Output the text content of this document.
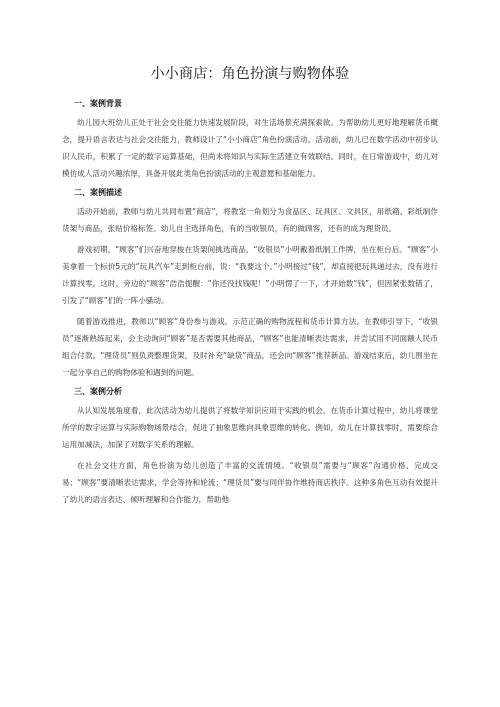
小小商店：角色扮演与购物体验
一、案例背景

幼儿园大班幼儿正处于社会交往能力快速发展阶段，对生活场景充满探索欲。为帮助幼儿更好地理解货币概念，提升语言表达与社会交往能力，教师设计了“小小商店”角色扮演活动。活动前，幼儿已在数学活动中初步认识人民币，积累了一定的数字运算基础，但尚未将知识与实际生活建立有效联结。同时，在日常游戏中，幼儿对模仿成人活动兴趣浓厚，具备开展此类角色扮演活动的主观意愿和基础能力。

二、案例描述

活动开始前，教师与幼儿共同布置“商店”，将教室一角划分为食品区、玩具区、文具区，用纸箱、彩纸制作货架与商品，张贴价格标签。幼儿自主选择角色，有的当收银员，有的做顾客，还有的成为理货员。

游戏初期，“顾客”们兴奋地穿梭在货架间挑选商品，“收银员”小明戴着纸制工作牌，坐在柜台后。“顾客”小美拿着一个标价5元的“玩具汽车”走到柜台前，说：“我要这个。”小明接过“钱”，却直接把玩具递过去，没有进行计算找零。这时，旁边的“顾客”浩浩提醒：“你还没找钱呢！”小明愣了一下，才开始数“钱”，但因紧张数错了，引发了“顾客”们的一阵小骚动。

随着游戏推进，教师以“顾客”身份参与游戏，示范正确的购物流程和货币计算方法。在教师引导下，“收银员”逐渐熟练起来，会主动询问“顾客”是否需要其他商品，“顾客”也能清晰表达需求，并尝试用不同面额人民币组合付款。“理货员”则负责整理货架，及时补充“缺货”商品，还会向“顾客”推荐新品。游戏结束后，幼儿围坐在一起分享自己的购物体验和遇到的问题。

三、案例分析

从认知发展角度看，此次活动为幼儿提供了将数学知识应用于实践的机会。在货币计算过程中，幼儿将课堂所学的数字运算与实际购物场景结合，促进了抽象思维向具象思维的转化。例如，幼儿在计算找零时，需要综合运用加减法，加深了对数字关系的理解。

在社会交往方面，角色扮演为幼儿创造了丰富的交流情境。“收银员”需要与“顾客”沟通价格、完成交易；“顾客”要清晰表达需求，学会等待和轮流；“理货员”要与同伴协作维持商店秩序。这种多角色互动有效提升了幼儿的语言表达、倾听理解和合作能力，帮助他
